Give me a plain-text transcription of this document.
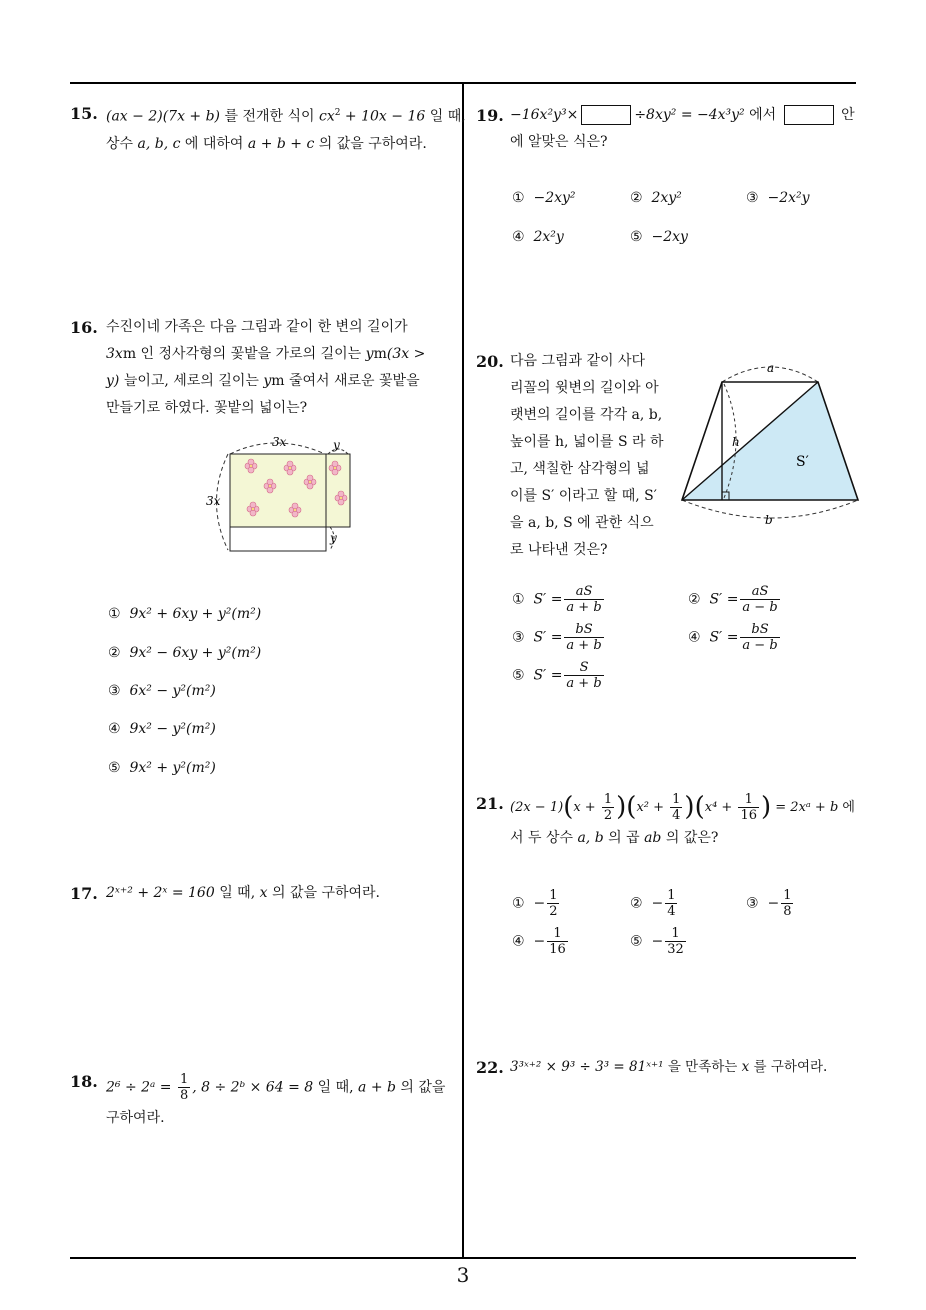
15. (ax − 2)(7x + b) 를 전개한 식이 $cx^2 + 10x - 16$ 일 때,
상수 a, b, c 에 대하여 a + b + c 의 값을 구하여라.
16. 수진이네 가족은 다음 그림과 같이 한 변의 길이가
3xm 인 정사각형의 꽃밭을 가로의 길이는 ym(3x >
y) 늘이고, 세로의 길이는 ym 줄여서 새로운 꽃밭을
만들기로 하였다. 꽃밭의 넓이는?
3x	y
3x
y
① 9x² + 6xy + y²(m²)
② 9x² − 6xy + y²(m²)
③ 6x² − y²(m²)
④ 9x² − y²(m²)
⑤ 9x² + y²(m²)
17. 2ˣ⁺² + 2ˣ = 160 일 때, x 의 값을 구하여라.
18. 2⁶ ÷ 2ᵃ = $\frac{1}{8}$ , 8 ÷ 2ᵇ × 64 = 8 일 때, a + b 의 값을
구하여라.
19. −16x²y³×	÷8xy² = −4x³y² 에서	안
에 알맞은 식은?
① −2xy²	② 2xy²	③ −2x²y
④ 2x²y	⑤ −2xy
20. 다음 그림과 같이 사다
리꼴의 윗변의 길이와 아
랫변의 길이를 각각 a, b,
높이를 h, 넓이를 S 라 하
고, 색칠한 삼각형의 넓
이를 S′ 이라고 할 때, S′
을 a, b, S 에 관한 식으
로 나타낸 것은?
a
b
h
S′
① $S' = \frac{aS}{a + b}$	② $S' = \frac{aS}{a - b}$
③ $S' = \frac{bS}{a + b}$	④ $S' = \frac{bS}{a - b}$
⑤ $S' = \frac{S}{a + b}$
21. $(2x - 1)(x + \frac{1}{2} )(x^2 + \frac{1}{4} )(x^4 + \frac{1}{16}$ ) = 2xᵃ + b 에
서 두 상수 a, b 의 곱 ab 의 값은?
①  − $\frac{1}{2}$	②  − $\frac{1}{4}$	③  − $\frac{1}{8}$
④  − $\frac{1}{16}$	⑤  − $\frac{1}{32}$
22. 3³ˣ⁺² × 9³ ÷ 3³ = 81ˣ⁺¹ 을 만족하는 x 를 구하여라.
3
